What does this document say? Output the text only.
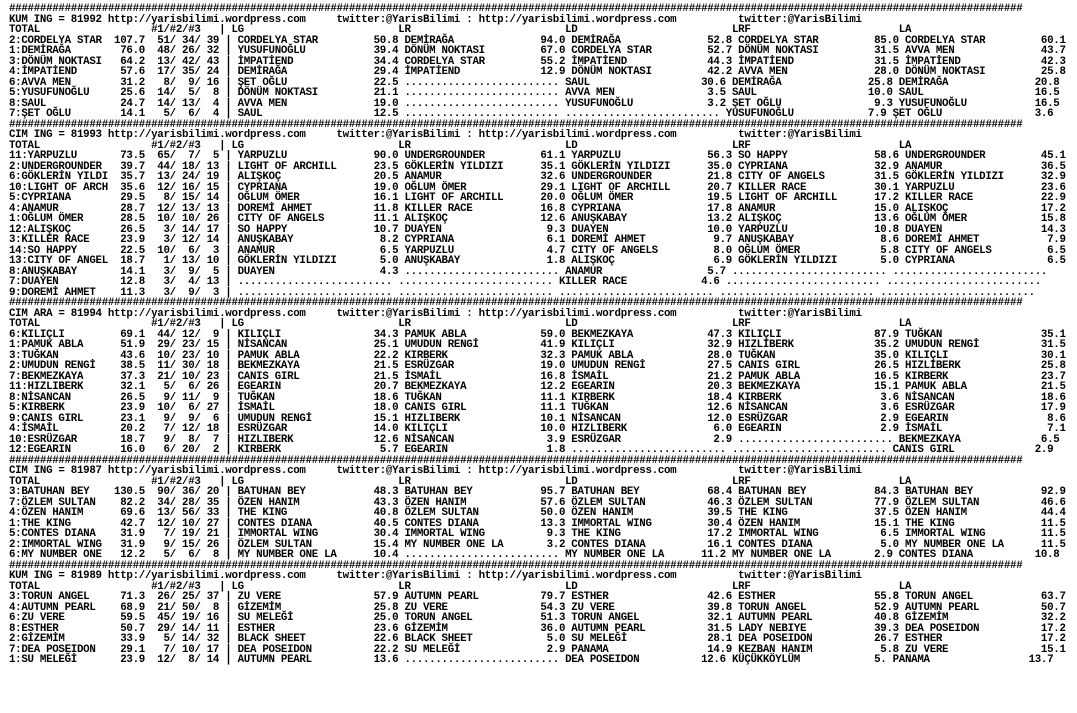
####################################################################################################################################################################
KUM ING = 81992 http://yarisbilimi.wordpress.com     twitter:@YarisBilimi : http://yarisbilimi.wordpress.com          twitter:@YarisBilimi
TOTAL                  #1/#2/#3   | LG                         LR                         LD                         LRF                        LA
2:CORDELYA STAR  107.7  51/ 34/ 39 | CORDELYA STAR         50.8 DEMİRAĞA              94.0 DEMİRAĞA              52.8 CORDELYA STAR         85.0 CORDELYA STAR         60.1
1:DEMİRAĞA        76.0  48/ 26/ 32 | YUSUFUNOĞLU           39.4 DÖNÜM NOKTASI         67.0 CORDELYA STAR         52.7 DÖNÜM NOKTASI         31.5 AVVA MEN              43.7
3:DÖNÜM NOKTASI   64.2  13/ 42/ 43 | İMPATİEND             34.4 CORDELYA STAR         55.2 İMPATİEND             44.3 İMPATİEND             31.5 İMPATİEND             42.3
4:İMPATİEND       57.6  17/ 35/ 24 | DEMİRAĞA              29.4 İMPATİEND             12.9 DÖNÜM NOKTASI         42.2 AVVA MEN              28.0 DÖNÜM NOKTASI         25.8
6:AVVA MEN        31.2   8/  9/ 16 | ŞET OĞLU              22.5 ......................... SAUL                  30.6 DEMİRAĞA              25.8 DEMİRAĞA              20.8
5:YUSUFUNOĞLU     25.6  14/  5/  8 | DÖNÜM NOKTASI         21.1 ......................... AVVA MEN               3.5 SAUL                  10.0 SAUL                  16.5
8:SAUL            24.7  14/ 13/  4 | AVVA MEN              19.0 ......................... YUSUFUNOĞLU            3.2 ŞET OĞLU               9.3 YUSUFUNOĞLU           16.5
7:ŞET OĞLU        14.1   5/  6/  4 | SAUL                  12.5 ......................... ......................... YUSUFUNOĞLU            7.9 ŞET OĞLU               3.6
####################################################################################################################################################################
CIM ING = 81993 http://yarisbilimi.wordpress.com     twitter:@YarisBilimi : http://yarisbilimi.wordpress.com          twitter:@YarisBilimi
TOTAL                  #1/#2/#3   | LG                         LR                         LD                         LRF                        LA
11:YARPUZLU       73.5  65/  7/  5 | YARPUZLU              90.0 UNDERGROUNDER         61.1 YARPUZLU              56.3 SO HAPPY              58.6 UNDERGROUNDER         45.1
2:UNDERGROUNDER   39.7  44/ 18/ 13 | LIGHT OF ARCHILL      23.5 GÖKLERİN YILDIZI      35.1 GÖKLERİN YILDIZI      35.0 CYPRIANA              32.9 ANAMUR                36.5
6:GÖKLERİN YILDI  35.7  13/ 24/ 19 | ALIŞKOÇ               20.5 ANAMUR                32.6 UNDERGROUNDER         21.8 CITY OF ANGELS        31.5 GÖKLERİN YILDIZI      32.9
10:LIGHT OF ARCH  35.6  12/ 16/ 15 | CYPRIANA              19.0 OĞLUM ÖMER            29.1 LIGHT OF ARCHILL      20.7 KILLER RACE           30.1 YARPUZLU              23.6
5:CYPRIANA        29.5   8/ 15/ 14 | OĞLUM ÖMER            16.1 LIGHT OF ARCHILL      20.0 OĞLUM ÖMER            19.5 LIGHT OF ARCHILL      17.2 KILLER RACE           22.9
4:ANAMUR          28.7  12/ 13/ 13 | DOREMİ AHMET          11.8 KILLER RACE           16.8 CYPRIANA              17.8 ANAMUR                15.0 ALIŞKOÇ               17.2
1:OĞLUM ÖMER      28.5  10/ 10/ 26 | CITY OF ANGELS        11.1 ALIŞKOÇ               12.6 ANUŞKABAY             13.2 ALIŞKOÇ               13.6 OĞLUM ÖMER            15.8
12:ALIŞKOÇ        26.5   3/ 14/ 17 | SO HAPPY              10.7 DUAYEN                 9.3 DUAYEN                10.0 YARPUZLU              10.8 DUAYEN                14.3
3:KILLER RACE     23.9   3/ 12/ 14 | ANUŞKABAY              8.2 CYPRIANA               6.1 DOREMİ AHMET           9.7 ANUŞKABAY              8.6 DOREMİ AHMET           7.9
14:SO HAPPY       22.5  10/  6/  3 | ANAMUR                 6.5 YARPUZLU               4.7 CITY OF ANGELS         8.0 OĞLUM ÖMER             5.8 CITY OF ANGELS         6.5
13:CITY OF ANGEL  18.7   1/ 13/ 10 | GÖKLERİN YILDIZI       5.0 ANUŞKABAY              1.8 ALIŞKOÇ                6.9 GÖKLERİN YILDIZI       5.0 CYPRIANA               6.5
8:ANUŞKABAY       14.1   3/  9/  5 | DUAYEN                 4.3 ......................... ANAMUR                 5.7 ......................... .........................
7:DUAYEN          12.8   3/  4/ 13 | ......................... ......................... KILLER RACE            4.6 ......................... .........................
9:DOREMİ AHMET    11.3   3/  9/  3 | ......................... ......................... ......................... ......................... .........................
####################################################################################################################################################################
CIM ARA = 81994 http://yarisbilimi.wordpress.com     twitter:@YarisBilimi : http://yarisbilimi.wordpress.com          twitter:@YarisBilimi
TOTAL                  #1/#2/#3   | LG                         LR                         LD                         LRF                        LA
6:KILIÇLI         69.1  44/ 12/  9 | KILIÇLI               34.3 PAMUK ABLA            59.0 BEKMEZKAYA            47.3 KILIÇLI               87.9 TUĞKAN                35.1
1:PAMUK ABLA      51.9  29/ 23/ 15 | NİSANCAN              25.1 UMUDUN RENGİ          41.9 KILIÇLI               32.9 HIZLIBERK             35.2 UMUDUN RENGİ          31.5
3:TUĞKAN          43.6  10/ 23/ 10 | PAMUK ABLA            22.2 KIRBERK               32.3 PAMUK ABLA            28.0 TUĞKAN                35.0 KILIÇLI               30.1
2:UMUDUN RENGİ    38.5  11/ 30/ 18 | BEKMEZKAYA            21.5 ESRÜZGAR              19.0 UMUDUN RENGİ          27.5 CANIS GIRL            26.5 HIZLIBERK             25.8
7:BEKMEZKAYA      37.3  21/ 10/ 23 | CANIS GIRL            21.5 İSMAİL                16.8 İSMAİL                21.2 PAMUK ABLA            16.5 KIRBERK               23.7
11:HIZLIBERK      32.1   5/  6/ 26 | EGEARIN               20.7 BEKMEZKAYA            12.2 EGEARIN               20.3 BEKMEZKAYA            15.1 PAMUK ABLA            21.5
8:NİSANCAN        26.5   9/ 11/  9 | TUĞKAN                18.6 TUĞKAN                11.1 KIRBERK               18.4 KIRBERK                3.6 NİSANCAN              18.6
5:KIRBERK         23.9  10/  6/ 27 | İSMAİL                18.0 CANIS GIRL            11.1 TUĞKAN                12.6 NİSANCAN               3.6 ESRÜZGAR              17.9
9:CANIS GIRL      23.1   9/  9/  6 | UMUDUN RENGİ          15.1 HIZLIBERK             10.1 NİSANCAN              12.0 ESRÜZGAR               2.9 EGEARIN                8.6
4:İSMAİL          20.2   7/ 12/ 18 | ESRÜZGAR              14.0 KILIÇLI               10.0 HIZLIBERK              6.0 EGEARIN                2.9 İSMAİL                 7.1
10:ESRÜZGAR       18.7   9/  8/  7 | HIZLIBERK             12.6 NİSANCAN               3.9 ESRÜZGAR               2.9 ......................... BEKMEZKAYA             6.5
12:EGEARIN        16.0   6/ 20/  2 | KIRBERK                5.7 EGEARIN                1.8 ......................... ......................... CANIS GIRL             2.9
####################################################################################################################################################################
CIM ING = 81987 http://yarisbilimi.wordpress.com     twitter:@YarisBilimi : http://yarisbilimi.wordpress.com          twitter:@YarisBilimi
TOTAL                  #1/#2/#3   | LG                         LR                         LD                         LRF                        LA
3:BATUHAN BEY    130.5  90/ 36/ 20 | BATUHAN BEY           48.3 BATUHAN BEY           95.7 BATUHAN BEY           68.4 BATUHAN BEY           84.3 BATUHAN BEY           92.9
7:ÖZLEM SULTAN    82.2  34/ 28/ 35 | ÖZEN HANIM            43.3 ÖZEN HANIM            57.6 ÖZLEM SULTAN          46.3 ÖZLEM SULTAN          77.9 ÖZLEM SULTAN          46.6
4:ÖZEN HANIM      69.6  13/ 56/ 33 | THE KING              40.8 ÖZLEM SULTAN          50.0 ÖZEN HANIM            39.5 THE KING              37.5 ÖZEN HANIM            44.4
1:THE KING        42.7  12/ 10/ 27 | CONTES DIANA          40.5 CONTES DIANA          13.3 IMMORTAL WING         30.4 ÖZEN HANIM            15.1 THE KING              11.5
5:CONTES DIANA    31.9   7/ 19/ 21 | IMMORTAL WING         30.4 IMMORTAL WING          9.3 THE KING              17.2 IMMORTAL WING          6.5 IMMORTAL WING         11.5
2:IMMORTAL WING   31.9   9/ 15/ 26 | ÖZLEM SULTAN          15.4 MY NUMBER ONE LA       3.2 CONTES DIANA          16.1 CONTES DIANA           5.0 MY NUMBER ONE LA      11.5
6:MY NUMBER ONE   12.2   5/  6/  8 | MY NUMBER ONE LA      10.4 ......................... MY NUMBER ONE LA      11.2 MY NUMBER ONE LA       2.9 CONTES DIANA          10.8
####################################################################################################################################################################
KUM ING = 81989 http://yarisbilimi.wordpress.com     twitter:@YarisBilimi : http://yarisbilimi.wordpress.com          twitter:@YarisBilimi
TOTAL                  #1/#2/#3   | LG                         LR                         LD                         LRF                        LA
3:TORUN ANGEL     71.3  26/ 25/ 37 | ZU VERE               57.9 AUTUMN PEARL          79.7 ESTHER                42.6 ESTHER                55.8 TORUN ANGEL           63.7
4:AUTUMN PEARL    68.9  21/ 50/  8 | GİZEMİM               25.8 ZU VERE               54.3 ZU VERE               39.8 TORUN ANGEL           52.9 AUTUMN PEARL          50.7
6:ZU VERE         59.5  45/ 19/ 16 | SU MELEĞİ             25.0 TORUN ANGEL           51.3 TORUN ANGEL           32.1 AUTUMN PEARL          40.8 GİZEMİM               32.2
8:ESTHER          50.7  29/ 14/ 11 | ESTHER                23.6 GİZEMİM               36.0 AUTUMN PEARL          31.5 LADY NEBIYE           39.3 DEA POSEIDON          17.2
2:GİZEMİM         33.9   5/ 14/ 32 | BLACK SHEET           22.6 BLACK SHEET            5.0 SU MELEĞİ             28.1 DEA POSEIDON          26.7 ESTHER                17.2
7:DEA POSEIDON    29.1   7/ 10/ 17 | DEA POSEIDON          22.2 SU MELEĞİ              2.9 PANAMA                14.9 KEZBAN HANIM           5.8 ZU VERE               15.1
1:SU MELEĞİ       23.9  12/  8/ 14 | AUTUMN PEARL          13.6 ......................... DEA POSEIDON          12.6 KÜÇÜKKÖYLÜM            5. PANAMA                13.7
